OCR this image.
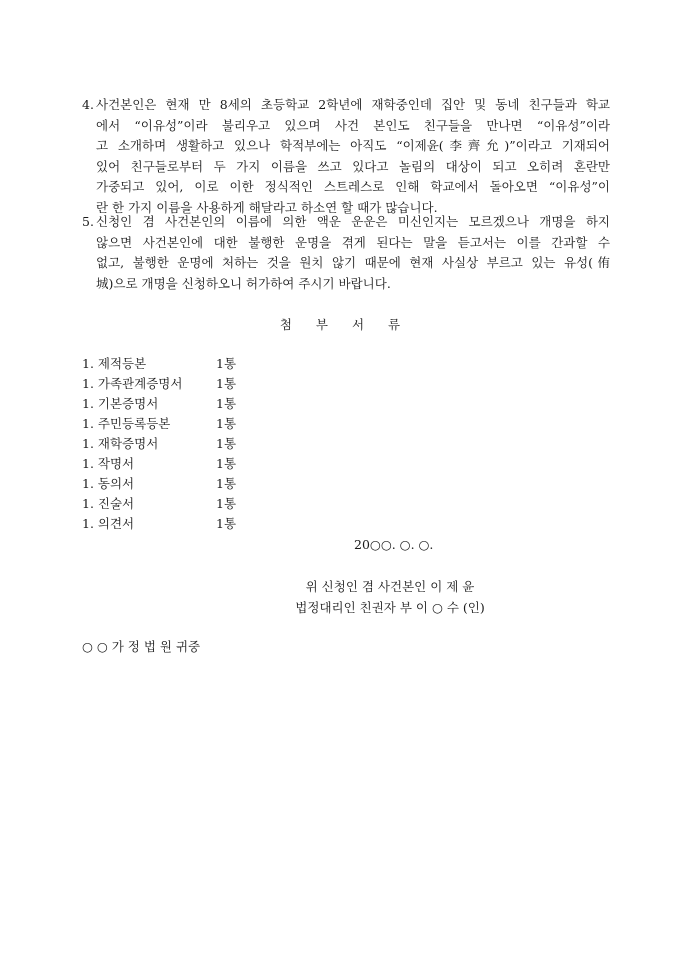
4. 사건본인은 현재 만 8세의 초등학교 2학년에 재학중인데 집안 및 동네 친구들과 학교
에서 “이유성”이라 불리우고 있으며 사건 본인도 친구들을 만나면 “이유성”이라
고 소개하며 생활하고 있으나 학적부에는 아직도 “이제윤(李齊允)”이라고 기재되어
있어 친구들로부터 두 가지 이름을 쓰고 있다고 놀림의 대상이 되고 오히려 혼란만
가중되고 있어, 이로 이한 정식적인 스트레스로 인해 학교에서 돌아오면 “이유성”이
란 한 가지 이름을 사용하게 해달라고 하소연 할 때가 많습니다.
5. 신청인 겸 사건본인의 이름에 의한 액운 운운은 미신인지는 모르겠으나 개명을 하지
않으면 사건본인에 대한 불행한 운명을 겪게 된다는 말을 듣고서는 이를 간과할 수
없고, 불행한 운명에 처하는 것을 원치 않기 때문에 현재 사실상 부르고 있는 유성(侑
城)으로 개명을 신청하오니 허가하여 주시기 바랍니다.
첨 부 서 류
1. 제적등본	1통
1. 가족관계증명서	1통
1. 기본증명서	1통
1. 주민등록등본	1통
1. 재학증명서	1통
1. 작명서	1통
1. 동의서	1통
1. 진술서	1통
1. 의견서	1통
20○○. ○. ○.
위 신청인 겸 사건본인 이 제 윤
법정대리인 친권자 부 이 ○ 수 (인)
○ ○ 가 정 법 원 귀중
